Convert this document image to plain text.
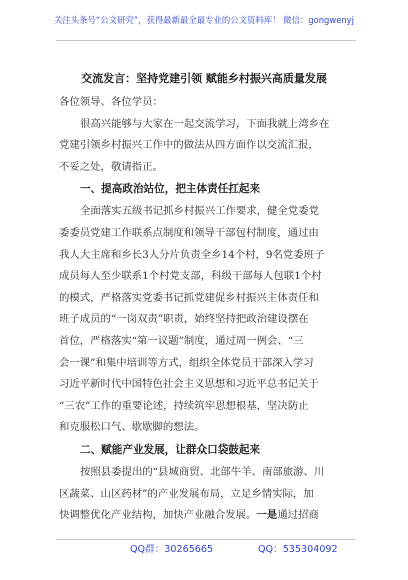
关注头条号“公文研究”，获得最新最全最专业的公文资料库！ 微信：gongwenyj
交流发言：坚持党建引领 赋能乡村振兴高质量发展
各位领导、各位学员：
很高兴能够与大家在一起交流学习，下面我就上湾乡在
党建引领乡村振兴工作中的做法从四方面作以交流汇报，
不妥之处，敬请指正。
一、提高政治站位，把主体责任扛起来
全面落实五级书记抓乡村振兴工作要求，健全党委党
委委员党建工作联系点制度和领导干部包村制度，通过由
我人大主席和乡长3人分片负责全乡14个村，9名党委班子
成员每人至少联系1个村党支部，科级干部每人包联1个村
的模式，严格落实党委书记抓党建促乡村振兴主体责任和
班子成员的“一岗双责”职责，始终坚持把政治建设摆在
首位，严格落实“第一议题”制度，通过周一例会、“三
会一课”和集中培训等方式，组织全体党员干部深入学习
习近平新时代中国特色社会主义思想和习近平总书记关于
“三农”工作的重要论述，持续筑牢思想根基，坚决防止
和克服松口气、歇歇脚的想法。
二、赋能产业发展，让群众口袋鼓起来
按照县委提出的“县城商贸、北部牛羊、南部旅游、川
区蔬菜、山区药材”的产业发展布局，立足乡情实际，加
快调整优化产业结构，加快产业融合发展。一是通过招商
QQ群：30265665	QQ：535304092
